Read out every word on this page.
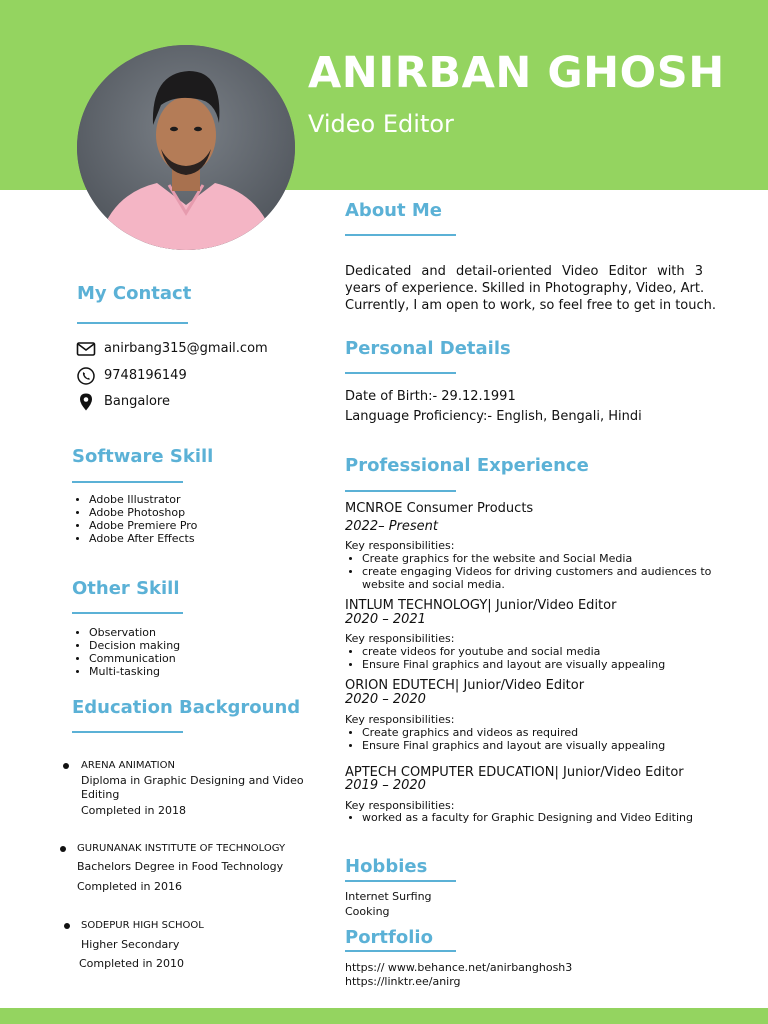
ANIRBAN GHOSH
Video Editor
My Contact
anirbang315@gmail.com
9748196149
Bangalore
Software Skill
Adobe Illustrator
Adobe Photoshop
Adobe Premiere Pro
Adobe After Effects
Other Skill
Observation
Decision making
Communication
Multi-tasking
Education Background
ARENA ANIMATION
Diploma in Graphic Designing and Video
Editing
Completed in 2018
GURUNANAK INSTITUTE OF TECHNOLOGY
Bachelors Degree in Food Technology
Completed in 2016
SODEPUR HIGH SCHOOL
Higher Secondary
Completed in 2010
About Me
Dedicated and detail-oriented Video Editor with 3
years of experience. Skilled in Photography, Video, Art.
Currently, I am open to work, so feel free to get in touch.
Personal Details
Date of Birth:- 29.12.1991
Language Proficiency:- English, Bengali, Hindi
Professional Experience
MCNROE Consumer Products
2022– Present
Key responsibilities:
Create graphics for the website and Social Media
create engaging Videos for driving customers and audiences to
website and social media.
INTLUM TECHNOLOGY| Junior/Video Editor
2020 – 2021
Key responsibilities:
create videos for youtube and social media
Ensure Final graphics and layout are visually appealing
ORION EDUTECH| Junior/Video Editor
2020 – 2020
Key responsibilities:
Create graphics and videos as required
Ensure Final graphics and layout are visually appealing
APTECH COMPUTER EDUCATION| Junior/Video Editor
2019 – 2020
Key responsibilities:
worked as a faculty for Graphic Designing and Video Editing
Hobbies
Internet Surfing
Cooking
Portfolio
https:// www.behance.net/anirbanghosh3
https://linktr.ee/anirg
